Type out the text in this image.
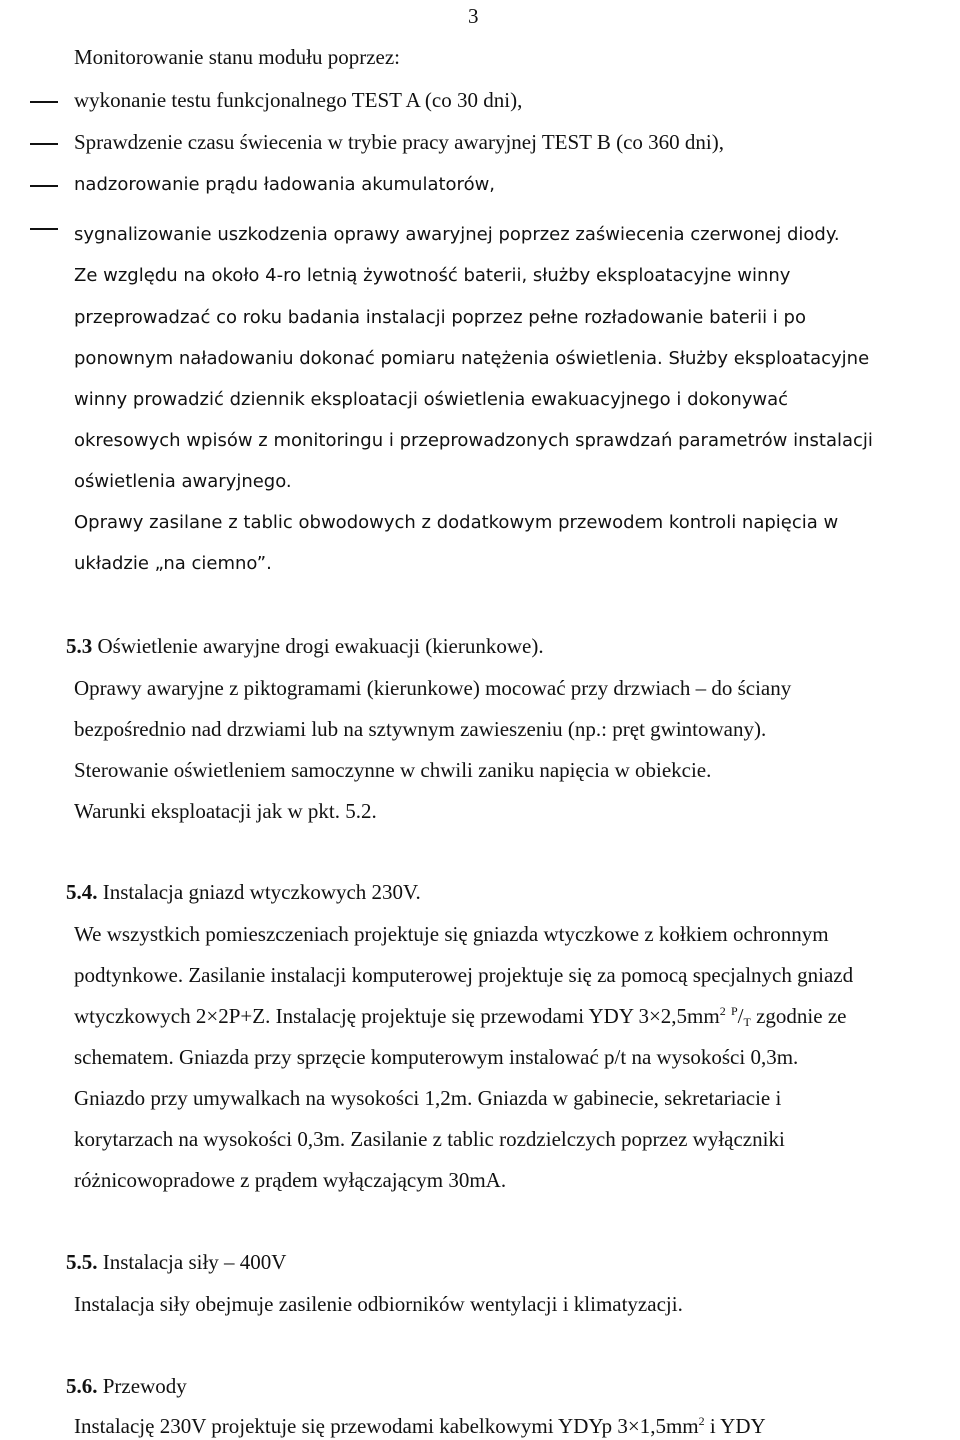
3
Monitorowanie stanu modułu poprzez:
wykonanie testu funkcjonalnego TEST A (co 30 dni),
Sprawdzenie czasu świecenia w trybie pracy awaryjnej TEST B (co 360 dni),
nadzorowanie prądu ładowania akumulatorów,
sygnalizowanie uszkodzenia oprawy awaryjnej poprzez zaświecenia czerwonej diody.
Ze względu na około 4-ro letnią żywotność baterii, służby eksploatacyjne winny
przeprowadzać co roku badania instalacji poprzez pełne rozładowanie baterii i po
ponownym naładowaniu dokonać pomiaru natężenia oświetlenia. Służby eksploatacyjne
winny prowadzić dziennik eksploatacji oświetlenia ewakuacyjnego i dokonywać
okresowych wpisów z monitoringu i przeprowadzonych sprawdzań parametrów instalacji
oświetlenia awaryjnego.
Oprawy zasilane z tablic obwodowych z dodatkowym przewodem kontroli napięcia w
układzie „na ciemno”.
5.3 Oświetlenie awaryjne drogi ewakuacji (kierunkowe).
Oprawy awaryjne z piktogramami (kierunkowe) mocować przy drzwiach – do ściany
bezpośrednio nad drzwiami lub na sztywnym zawieszeniu (np.: pręt gwintowany).
Sterowanie oświetleniem samoczynne w chwili zaniku napięcia w obiekcie.
Warunki eksploatacji jak w pkt. 5.2.
5.4. Instalacja gniazd wtyczkowych 230V.
We wszystkich pomieszczeniach projektuje się gniazda wtyczkowe z kołkiem ochronnym
podtynkowe. Zasilanie instalacji komputerowej projektuje się za pomocą specjalnych gniazd
wtyczkowych 2×2P+Z. Instalację projektuje się przewodami YDY $3\times 2,5mm^2$ $^P/_T$ zgodnie ze
schematem. Gniazda przy sprzęcie komputerowym instalować p/t na wysokości 0,3m.
Gniazdo przy umywalkach na wysokości 1,2m. Gniazda w gabinecie, sekretariacie i
korytarzach na wysokości 0,3m. Zasilanie z tablic rozdzielczych poprzez wyłączniki
różnicowopradowe z prądem wyłączającym 30mA.
5.5. Instalacja siły – 400V
Instalacja siły obejmuje zasilenie odbiorników wentylacji i klimatyzacji.
5.6. Przewody
Instalację 230V projektuje się przewodami kabelkowymi YDYp $3\times 1,5mm^2$ i YDY
